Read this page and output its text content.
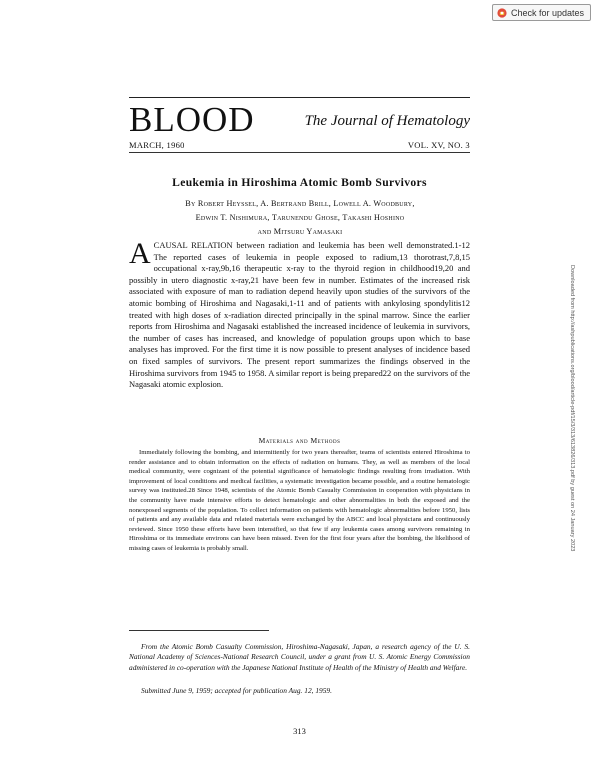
Check for updates
BLOOD	The Journal of Hematology
MARCH, 1960	VOL. XV, NO. 3
Leukemia in Hiroshima Atomic Bomb Survivors

By Robert Heyssel, A. Bertrand Brill, Lowell A. Woodbury,

Edwin T. Nishimura, Tarunendu Ghose, Takashi Hoshino

and Mitsuru Yamasaki

ACAUSAL RELATION between radiation and leukemia has been well demonstrated.1-12 The reported cases of leukemia in people exposed to radium,13 thorotrast,7,8,15 occupational x-ray,9b,16 therapeutic x-ray to the thyroid region in childhood19,20 and possibly in utero diagnostic x-ray,21 have been few in number. Estimates of the increased risk associated with exposure of man to radiation depend heavily upon studies of the survivors of the atomic bombing of Hiroshima and Nagasaki,1-11 and of patients with ankylosing spondylitis12 treated with high doses of x-radiation directed principally in the spinal marrow. Since the earlier reports from Hiroshima and Nagasaki established the increased incidence of leukemia in survivors, the number of cases has increased, and knowledge of population groups upon which to base analyses has improved. For the first time it is now possible to present analyses of incidence based on fixed samples of survivors. The present report summarizes the findings observed in the Hiroshima survivors from 1945 to 1958. A similar report is being prepared22 on the survivors of the Nagasaki atomic explosion.
Materials and Methods
Immediately following the bombing, and intermittently for two years thereafter, teams of scientists entered Hiroshima to render assistance and to obtain information on the effects of radiation on humans. They, as well as members of the local medical community, were cognizant of the potential significance of hematologic findings resulting from irradiation. With improvement of local conditions and medical facilities, a systematic investigation became possible, and a routine hematologic survey was instituted.28 Since 1948, scientists of the Atomic Bomb Casualty Commission in cooperation with physicians in the community have made intensive efforts to detect hematologic and other abnormalities in both the exposed and the nonexposed segments of the population. To collect information on patients with hematologic abnormalities before 1950, lists of patients and any available data and related materials were exchanged by the ABCC and local physicians and continuously reviewed. Since 1950 these efforts have been intensified, so that few if any leukemia cases among survivors remaining in Hiroshima or its immediate environs can have been missed. Even for the first four years after the bombing, the likelihood of missing cases of leukemia is probably small.
From the Atomic Bomb Casualty Commission, Hiroshima-Nagasaki, Japan, a research agency of the U. S. National Academy of Sciences-National Research Council, under a grant from U. S. Atomic Energy Commission administered in co-operation with the Japanese National Institute of Health of the Ministry of Health and Welfare.
Submitted June 9, 1959; accepted for publication Aug. 12, 1959.
313
Downloaded from http://ashpublications.org/blood/article-pdf/15/3/313/613826/313.pdf by guest on 24 January 2023
